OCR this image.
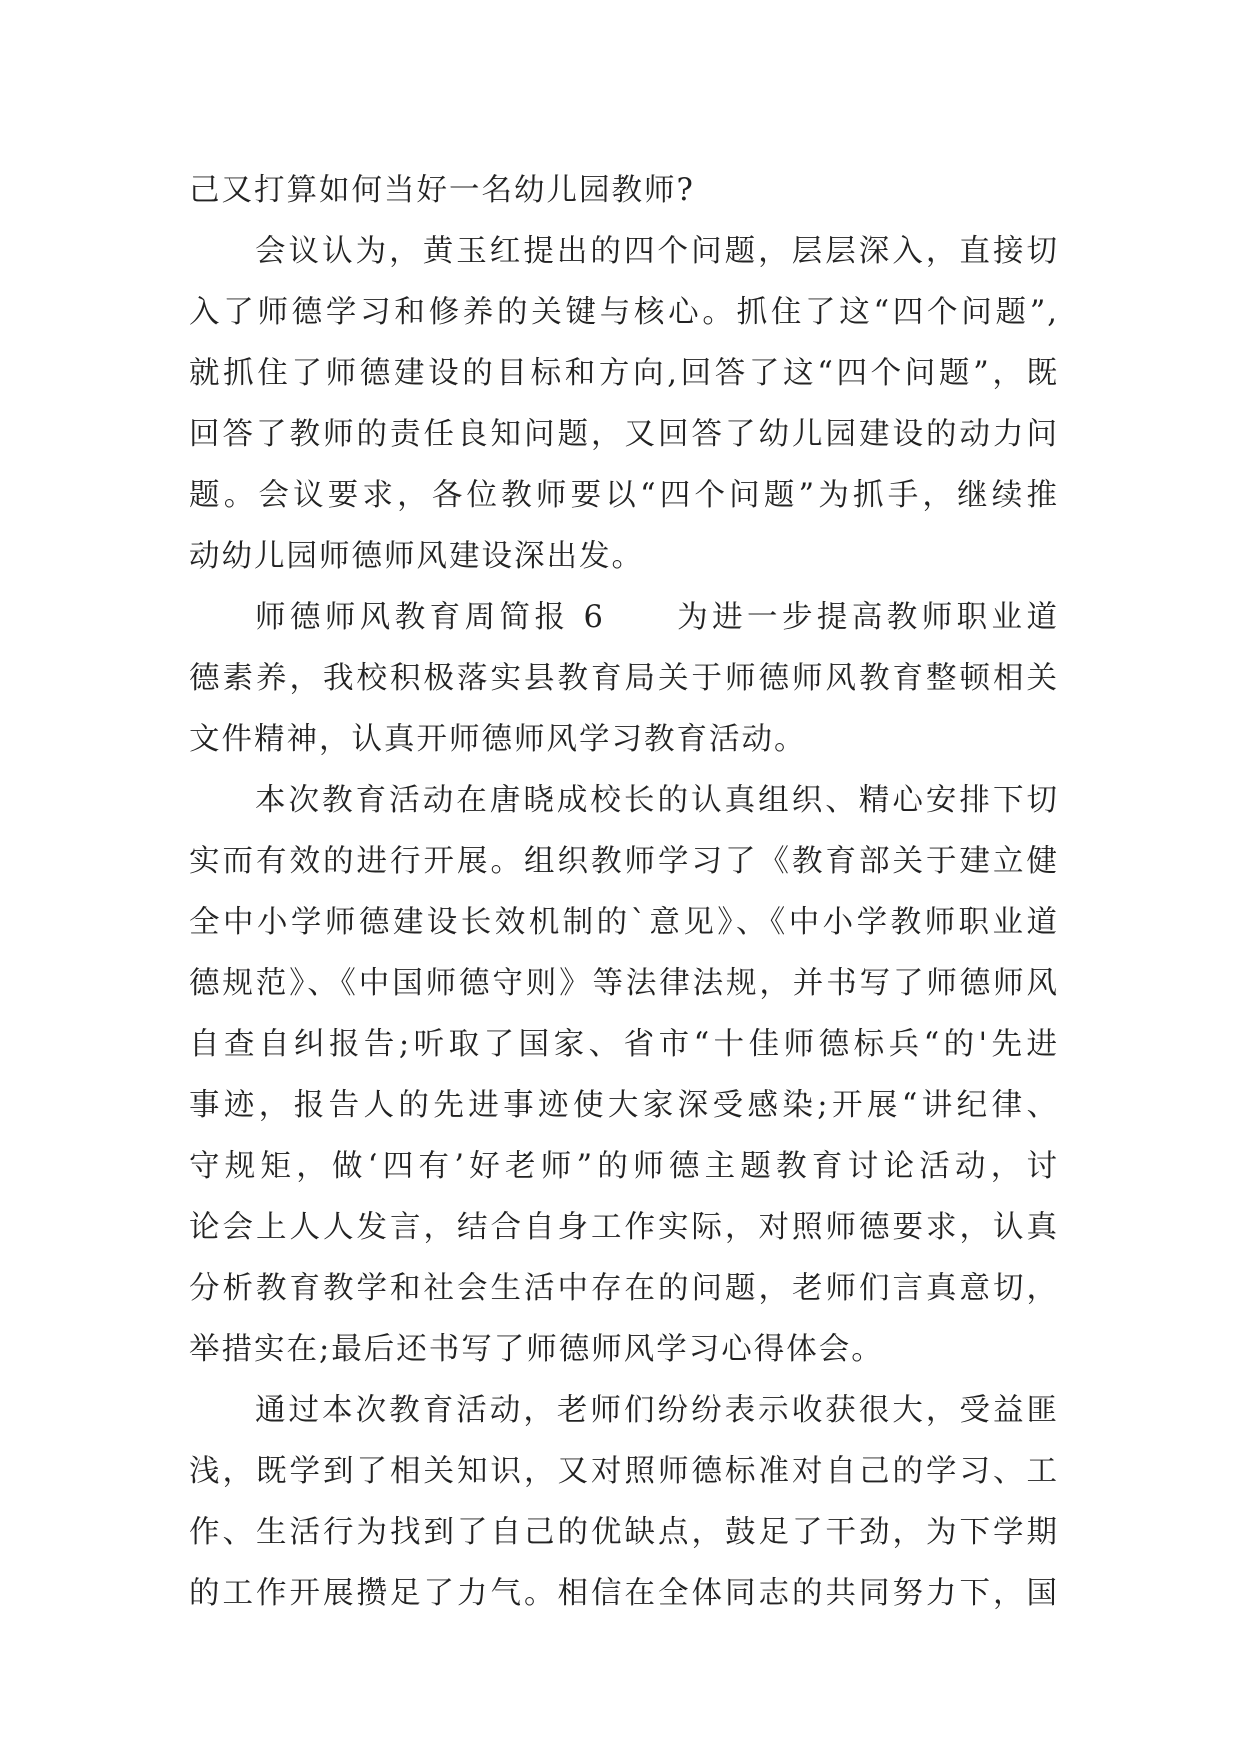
己又打算如何当好一名幼儿园教师?
会议认为，黄玉红提出的四个问题，层层深入，直接切
入了师德学习和修养的关键与核心。抓住了这“四个问题”,
就抓住了师德建设的目标和方向,回答了这“四个问题”，既
回答了教师的责任良知问题，又回答了幼儿园建设的动力问
题。会议要求，各位教师要以“四个问题”为抓手，继续推
动幼儿园师德师风建设深出发。
师德师风教育周简报 6　　为进一步提高教师职业道
德素养，我校积极落实县教育局关于师德师风教育整顿相关
文件精神，认真开师德师风学习教育活动。
本次教育活动在唐晓成校长的认真组织、精心安排下切
实而有效的进行开展。组织教师学习了《教育部关于建立健
全中小学师德建设长效机制的`意见》、《中小学教师职业道
德规范》、《中国师德守则》等法律法规，并书写了师德师风
自查自纠报告;听取了国家、省市“十佳师德标兵“的'先进
事迹，报告人的先进事迹使大家深受感染;开展“讲纪律、
守规矩，做‘四有’好老师”的师德主题教育讨论活动，讨
论会上人人发言，结合自身工作实际，对照师德要求，认真
分析教育教学和社会生活中存在的问题，老师们言真意切，
举措实在;最后还书写了师德师风学习心得体会。
通过本次教育活动，老师们纷纷表示收获很大，受益匪
浅，既学到了相关知识，又对照师德标准对自己的学习、工
作、生活行为找到了自己的优缺点，鼓足了干劲，为下学期
的工作开展攒足了力气。相信在全体同志的共同努力下，国
